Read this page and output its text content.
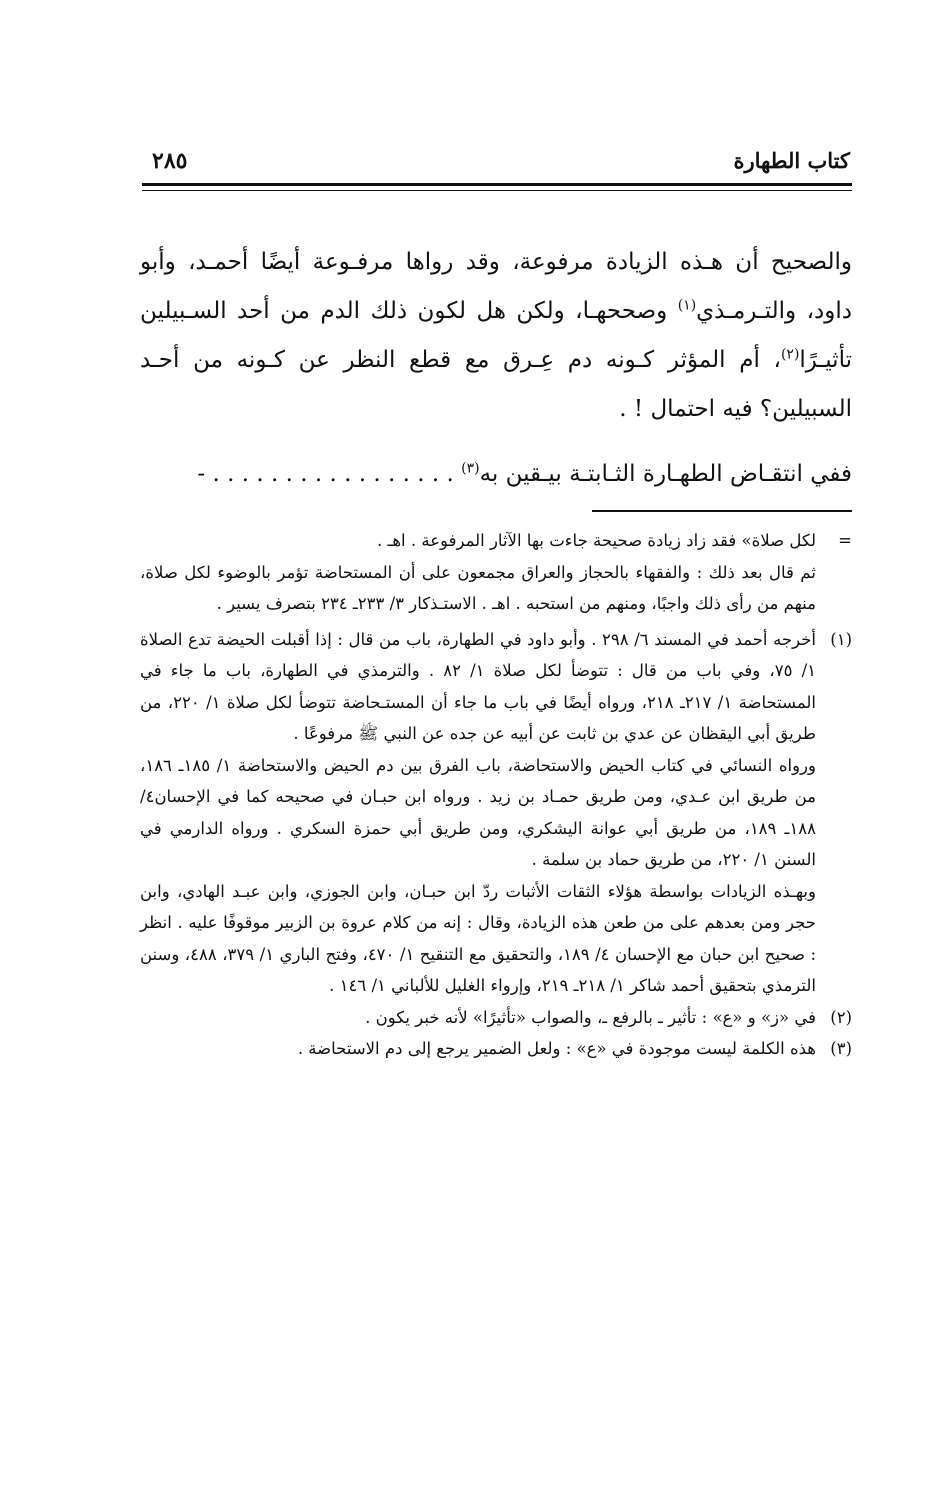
كتاب الطهارة
٢٨٥

والصحيح أن هـذه الزيادة مرفوعة، وقد رواها مرفـوعة أيضًا أحمـد، وأبو داود، والتـرمـذي$^{(١)}$ وصححهـا، ولكن هل لكون ذلك الدم من أحد السـبيلين تأثيـرًا$^{(٢)}$، أم المؤثر كـونه دم عِـرق مع قطع النظر عن كـونه من أحـد السبيلين؟ فيه احتمال ! .

ففي انتقـاض الطهـارة الثـابتـة بيـقين به$^{(٣)}$ . . . . . . . . . . . . . . . . . -

=

لكل صلاة» فقد زاد زيادة صحيحة جاءت بها الآثار المرفوعة . اهـ .

ثم قال بعد ذلك : والفقهاء بالحجاز والعراق مجمعون على أن المستحاضة تؤمر بالوضوء لكل صلاة، منهم من رأى ذلك واجبًا، ومنهم من استحبه . اهـ . الاستـذكار ٣/ ٢٣٣ـ ٢٣٤ بتصرف يسير .

(١)

أخرجه أحمد في المسند ٦/ ٢٩٨ . وأبو داود في الطهارة، باب من قال : إذا أقبلت الحيضة تدع الصلاة ١/ ٧٥، وفي باب من قال : تتوضأ لكل صلاة ١/ ٨٢ . والترمذي في الطهارة، باب ما جاء في المستحاضة ١/ ٢١٧ـ ٢١٨، ورواه أيضًا في باب ما جاء أن المستـحاضة تتوضأ لكل صلاة ١/ ٢٢٠، من طريق أبي اليقظان عن عدي بن ثابت عن أبيه عن جده عن النبي ﷺ مرفوعًا .

ورواه النسائي في كتاب الحيض والاستحاضة، باب الفرق بين دم الحيض والاستحاضة ١/ ١٨٥ـ ١٨٦، من طريق ابن عـدي، ومن طريق حمـاد بن زيد . ورواه ابن حبـان في صحيحه كما في الإحسان٤/ ١٨٨ـ ١٨٩، من طريق أبي عوانة اليشكري، ومن طريق أبي حمزة السكري . ورواه الدارمي في السنن ١/ ٢٢٠، من طريق حماد بن سلمة .

وبهـذه الزيادات بواسطة هؤلاء الثقات الأثبات ردّ ابن حبـان، وابن الجوزي، وابن عبـد الهادي، وابن حجر ومن بعدهم على من طعن هذه الزيادة، وقال : إنه من كلام عروة بن الزبير موقوفًا عليه . انظر : صحيح ابن حبان مع الإحسان ٤/ ١٨٩، والتحقيق مع التنقيح ١/ ٤٧٠، وفتح الباري ١/ ٣٧٩، ٤٨٨، وسنن الترمذي بتحقيق أحمد شاكر ١/ ٢١٨ـ ٢١٩، وإرواء الغليل للألباني ١/ ١٤٦ .

(٢)

في «ز» و «ع» : تأثير ـ بالرفع ـ، والصواب «تأثيرًا» لأنه خبر يكون .

(٣)

هذه الكلمة ليست موجودة في «ع» : ولعل الضمير يرجع إلى دم الاستحاضة .
